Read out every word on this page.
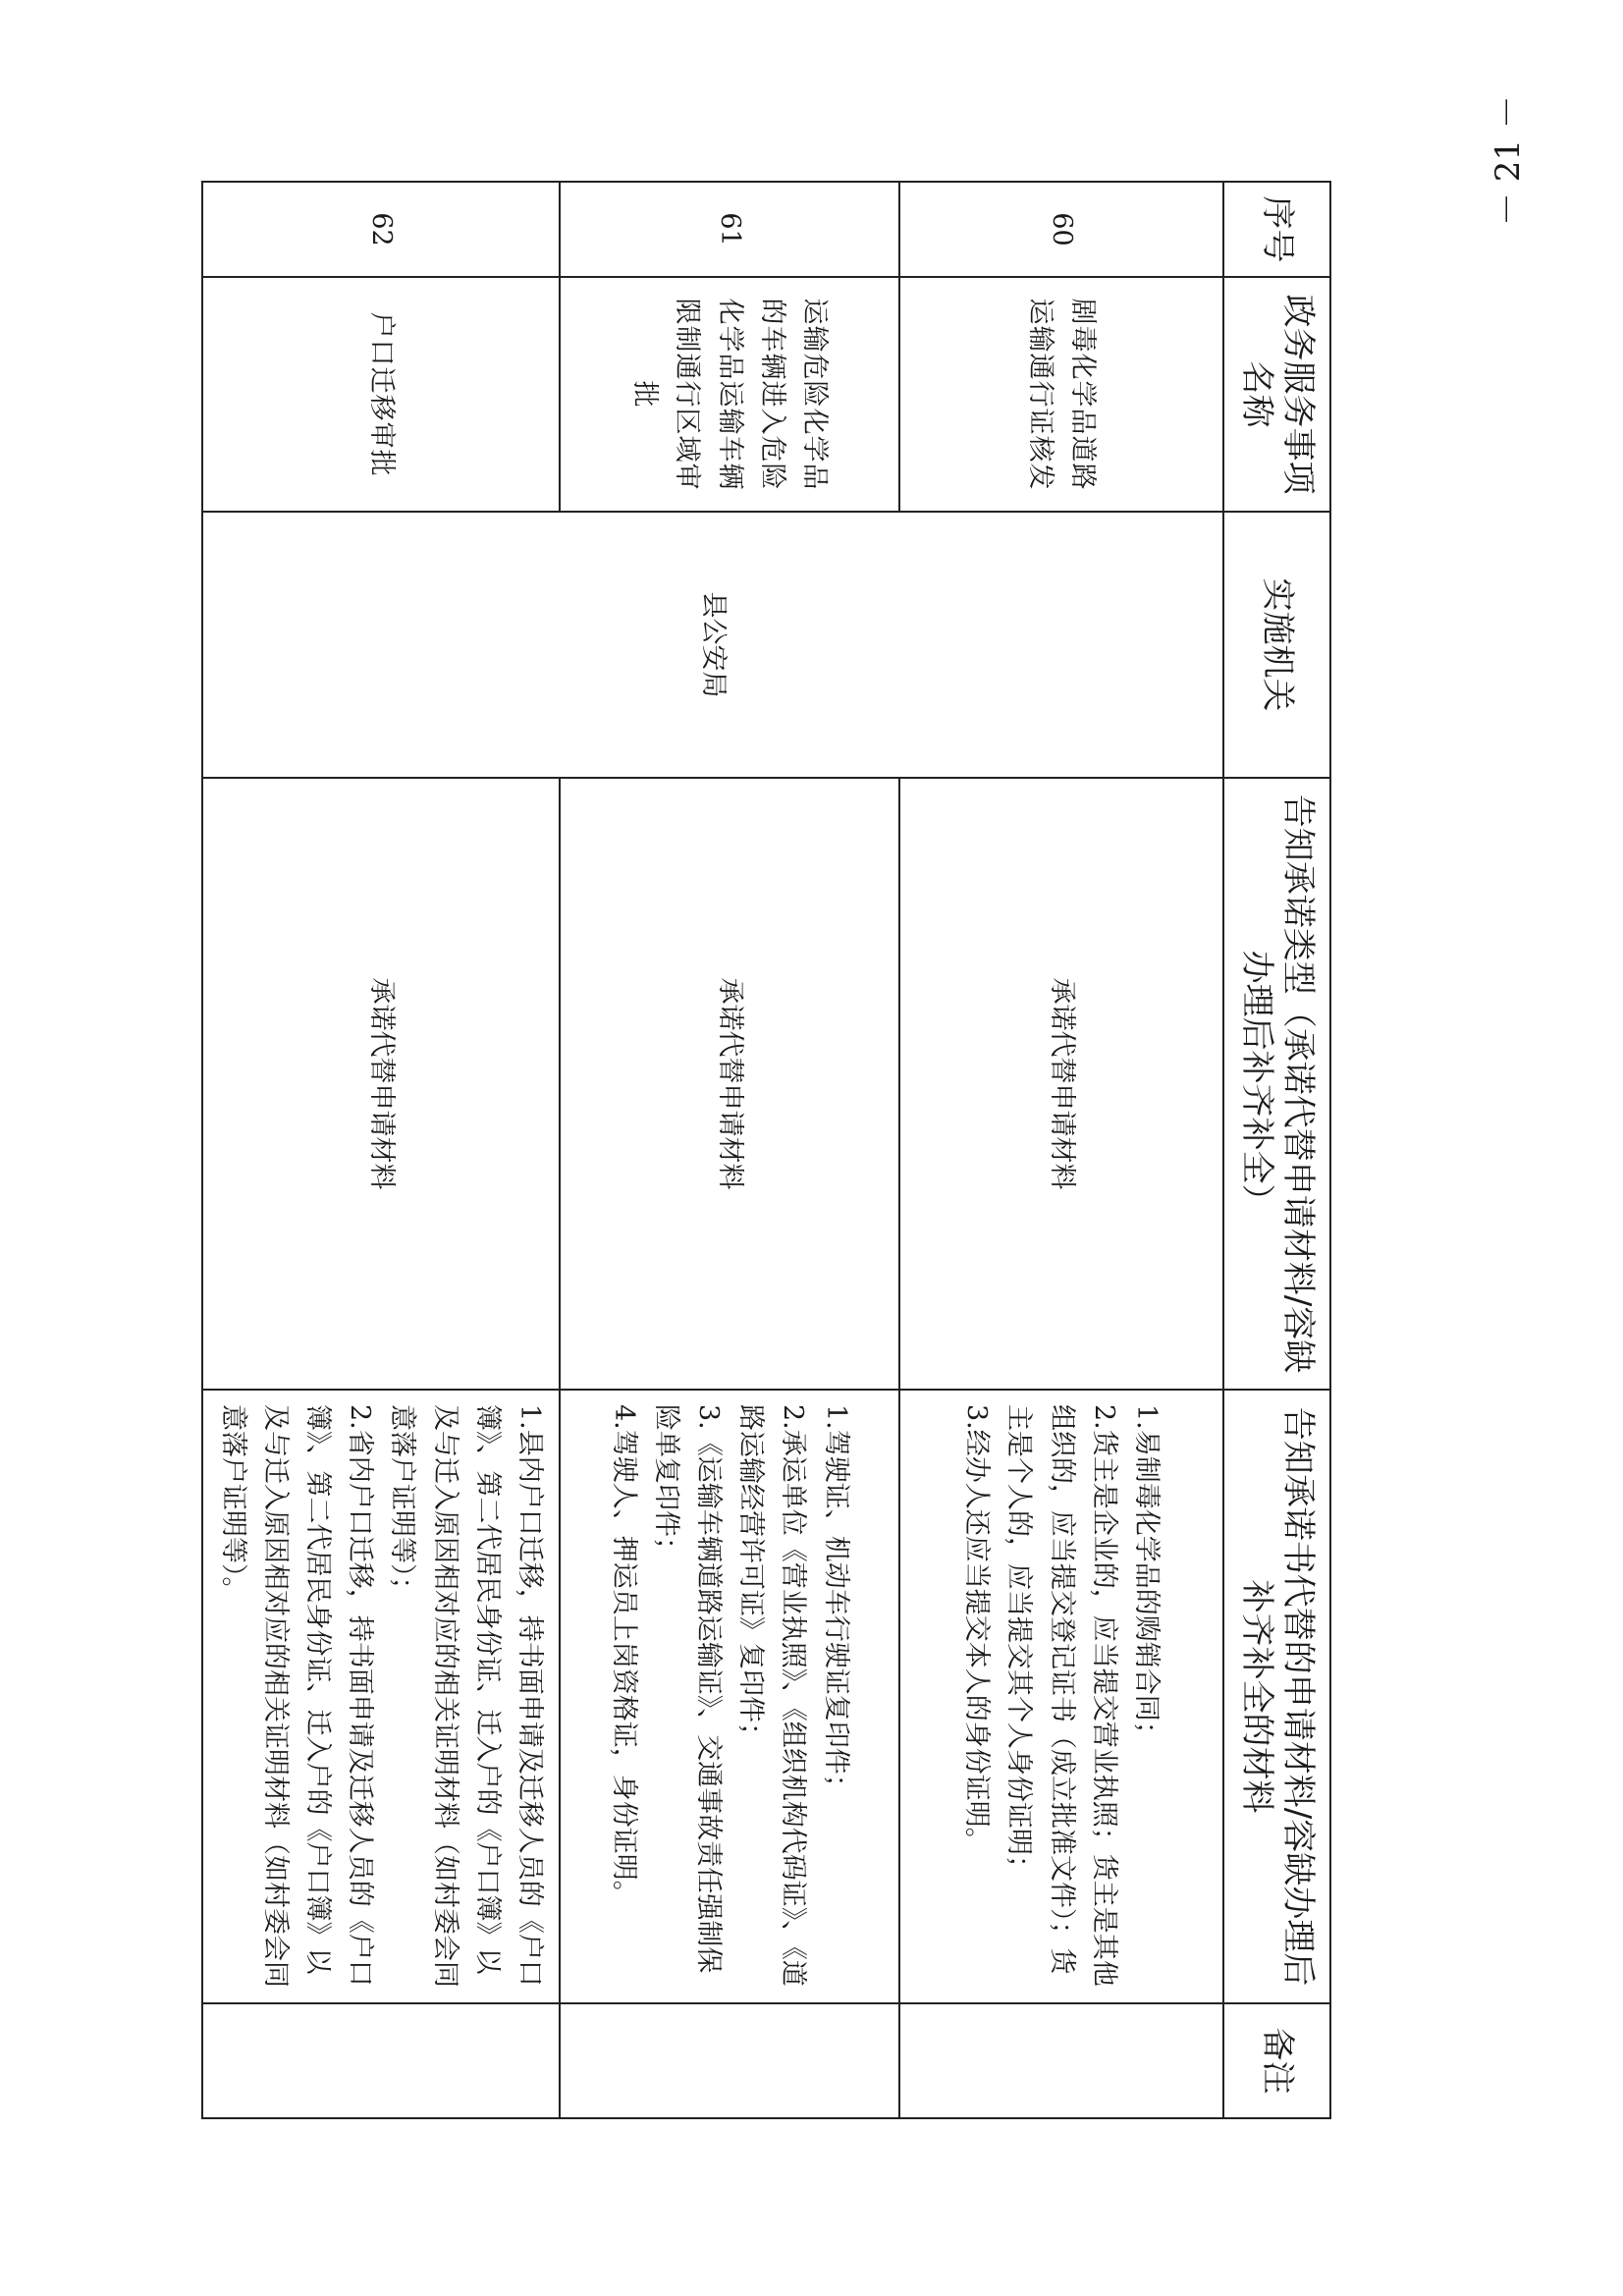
－ 21 －
序号	政务服务事项名称	实施机关	告知承诺类型（承诺代替申请材料/容缺办理后补齐补全）	告知承诺书代替的申请材料/容缺办理后补齐补全的材料	备注
60	剧毒化学品道路运输通行证核发	县公安局	承诺代替申请材料	1.易制毒化学品的购销合同；
2.货主是企业的，应当提交营业执照；货主是其他组织的，应当提交登记证书（成立批准文件）；货主是个人的，应当提交其个人身份证明；
3.经办人还应当提交本人的身份证明。	

61	运输危险化学品的车辆进入危险化学品运输车辆限制通行区域审批		承诺代替申请材料	1.驾驶证、机动车行驶证复印件；
2.承运单位《营业执照》、《组织机构代码证》、《道路运输经营许可证》复印件；
3.《运输车辆道路运输证》、交通事故责任强制保险单复印件；
4.驾驶人、押运员上岗资格证，身份证明。	

62	户口迁移审批		承诺代替申请材料	1.县内户口迁移，持书面申请及迁移人员的《户口簿》、第二代居民身份证、迁入户的《户口簿》以及与迁入原因相对应的相关证明材料（如村委会同意落户证明等）；
2.省内户口迁移，持书面申请及迁移人员的《户口簿》、第二代居民身份证、迁入户的《户口簿》以及与迁入原因相对应的相关证明材料（如村委会同意落户证明等）。	
